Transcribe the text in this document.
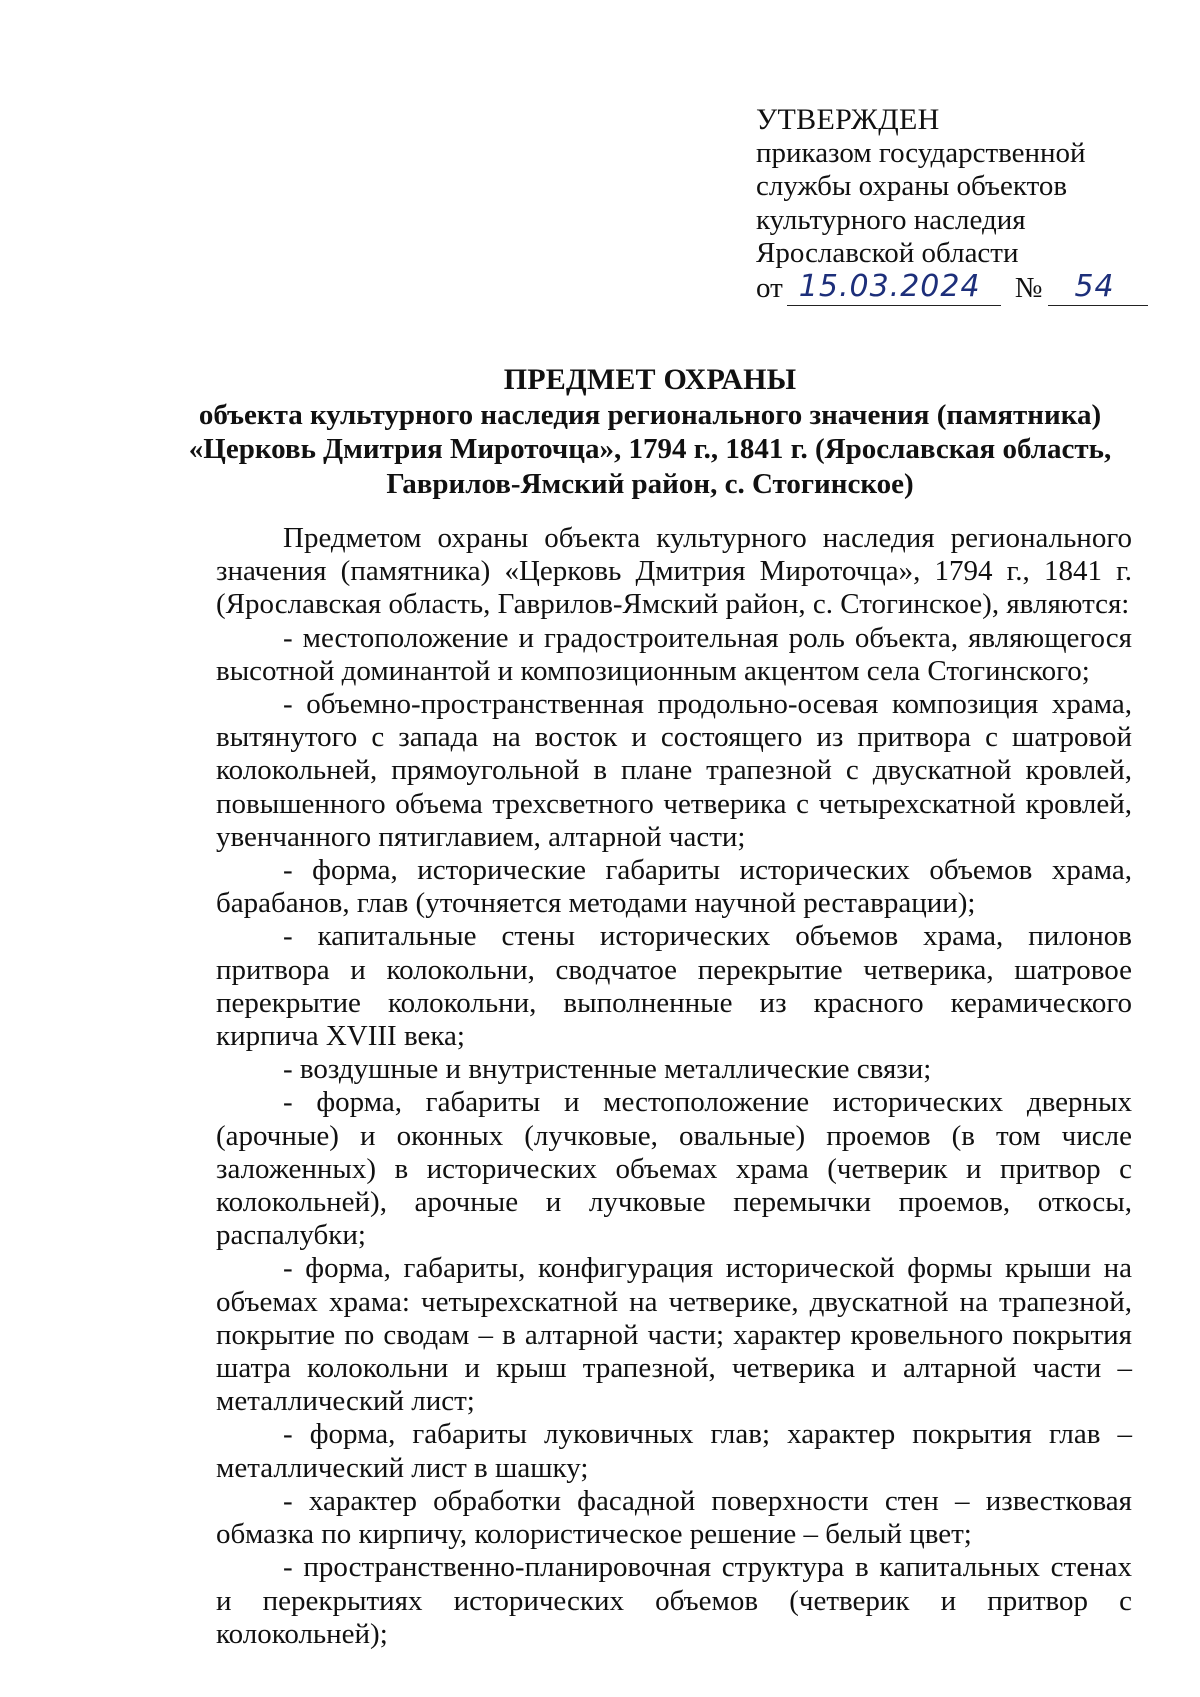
УТВЕРЖДЕН
приказом государственной
службы охраны объектов
культурного наследия
Ярославской области
от 15.03.2024 № 54
ПРЕДМЕТ ОХРАНЫ
объекта культурного наследия регионального значения (памятника)
«Церковь Дмитрия Мироточца», 1794 г., 1841 г. (Ярославская область,
Гаврилов-Ямский район, с. Стогинское)

Предметом охраны объекта культурного наследия регионального значения (памятника) «Церковь Дмитрия Мироточца», 1794 г., 1841 г. (Ярославская область, Гаврилов-Ямский район, с. Стогинское), являются:

- местоположение и градостроительная роль объекта, являющегося высотной доминантой и композиционным акцентом села Стогинского;

- объемно-пространственная продольно-осевая композиция храма, вытянутого с запада на восток и состоящего из притвора с шатровой колокольней, прямоугольной в плане трапезной с двускатной кровлей, повышенного объема трехсветного четверика с четырехскатной кровлей, увенчанного пятиглавием, алтарной части;

- форма, исторические габариты исторических объемов храма, барабанов, глав (уточняется методами научной реставрации);

- капитальные стены исторических объемов храма, пилонов притвора и колокольни, сводчатое перекрытие четверика, шатровое перекрытие колокольни, выполненные из красного керамического кирпича XVIII века;

- воздушные и внутристенные металлические связи;

- форма, габариты и местоположение исторических дверных (арочные) и оконных (лучковые, овальные) проемов (в том числе заложенных) в исторических объемах храма (четверик и притвор с колокольней), арочные и лучковые перемычки проемов, откосы, распалубки;

- форма, габариты, конфигурация исторической формы крыши на объемах храма: четырехскатной на четверике, двускатной на трапезной, покрытие по сводам – в алтарной части; характер кровельного покрытия шатра колокольни и крыш трапезной, четверика и алтарной части – металлический лист;

- форма, габариты луковичных глав; характер покрытия глав – металлический лист в шашку;

- характер обработки фасадной поверхности стен – известковая обмазка по кирпичу, колористическое решение – белый цвет;

- пространственно-планировочная структура в капитальных стенах и перекрытиях исторических объемов (четверик и притвор с колокольней);
